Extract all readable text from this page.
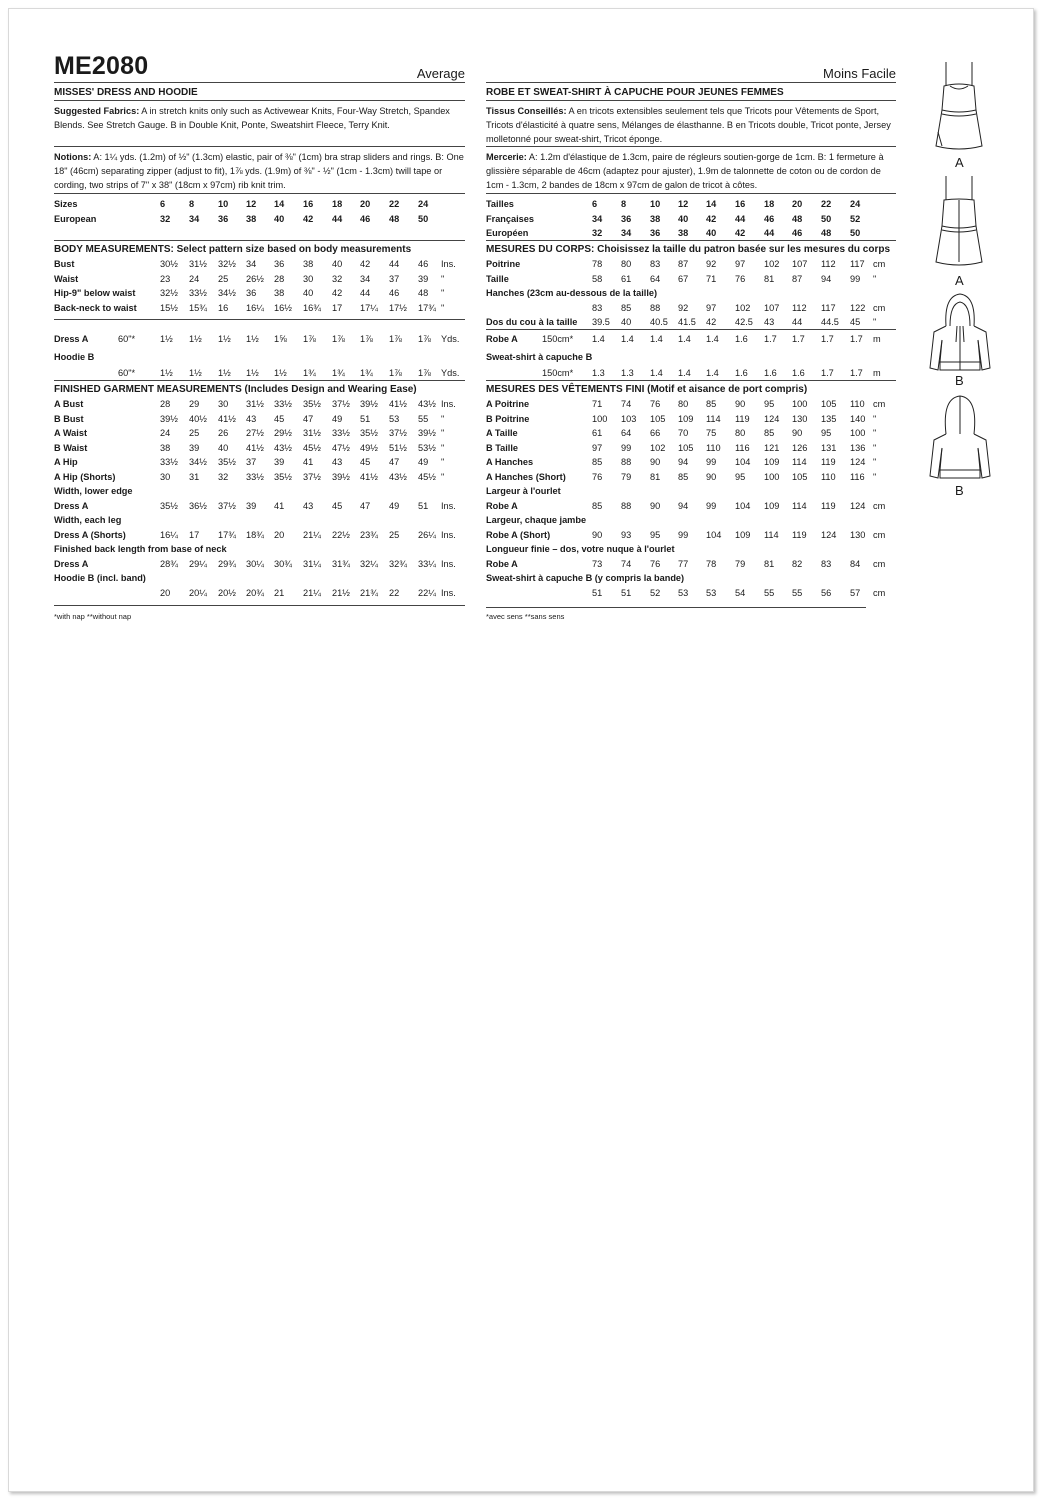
ME2080	Average	Moins Facile
MISSES' DRESS AND HOODIE
Suggested Fabrics: A in stretch knits only such as Activewear Knits, Four-Way Stretch, Spandex Blends. See Stretch Gauge. B in Double Knit, Ponte, Sweatshirt Fleece, Terry Knit.
Notions: A: 1¼ yds. (1.2m) of ½" (1.3cm) elastic, pair of ⅜" (1cm) bra strap sliders and rings. B: One 18" (46cm) separating zipper (adjust to fit), 1⅞ yds. (1.9m) of ⅜" - ½" (1cm - 1.3cm) twill tape or cording, two strips of 7" x 38" (18cm x 97cm) rib knit trim.
Sizes	6	8	10	12	14	16	18	20	22	24
European	32	34	36	38	40	42	44	46	48	50
BODY MEASUREMENTS: Select pattern size based on body measurements
Bust	30½	31½	32½	34	36	38	40	42	44	46	Ins.
Waist	23	24	25	26½	28	30	32	34	37	39	"
Hip-9" below waist	32½	33½	34½	36	38	40	42	44	46	48	"
Back-neck to waist	15½	15¾	16	16¼	16½	16¾	17	17¼	17½	17¾ "
Dress A	60"*	1½	1½	1½	1½	1⅝	1⅞	1⅞	1⅞	1⅞	1⅞	Yds.
Hoodie B
60"*	1½	1½	1½	1½	1½	1¾	1¾	1¾	1⅞	1⅞	Yds.
FINISHED GARMENT MEASUREMENTS (Includes Design and Wearing Ease)
A Bust	28	29	30	31½	33½	35½	37½	39½	41½	43½ Ins.
B Bust	39½	40½	41½	43	45	47	49	51	53	55	"
A Waist	24	25	26	27½	29½	31½	33½	35½	37½	39½ "
B Waist	38	39	40	41½	43½	45½	47½	49½	51½	53½ "
A Hip	33½	34½	35½	37	39	41	43	45	47	49	"
A Hip (Shorts)	30	31	32	33½	35½	37½	39½	41½	43½	45½ "
Width, lower edge
Dress A	35½	36½	37½	39	41	43	45	47	49	51	Ins.
Width, each leg
Dress A (Shorts)	16¼	17	17¾	18¾	20	21¼	22½	23¾	25	26¼ Ins.
Finished back length from base of neck
Dress A	28¾	29¼	29¾	30¼	30¾	31¼	31¾	32¼	32¾	33¼ Ins.
Hoodie B (incl. band)
20	20¼	20½	20¾	21	21¼	21½	21¾	22	22¼ Ins.
*with nap **without nap
ROBE ET SWEAT-SHIRT À CAPUCHE POUR JEUNES FEMMES
Tissus Conseillés: A en tricots extensibles seulement tels que Tricots pour Vêtements de Sport, Tricots d'élasticité à quatre sens, Mélanges de élasthanne. B en Tricots double, Tricot ponte, Jersey molletonné pour sweat-shirt, Tricot éponge.
Mercerie: A: 1.2m d'élastique de 1.3cm, paire de régleurs soutien-gorge de 1cm. B: 1 fermeture à glissière séparable de 46cm (adaptez pour ajuster), 1.9m de talonnette de coton ou de cordon de 1cm - 1.3cm, 2 bandes de 18cm x 97cm de galon de tricot à côtes.
Tailles	6	8	10	12	14	16	18	20	22	24
Françaises	34	36	38	40	42	44	46	48	50	52
Européen	32	34	36	38	40	42	44	46	48	50
MESURES DU CORPS: Choisissez la taille du patron basée sur les mesures du corps
Poitrine	78	80	83	87	92	97	102	107	112	117 cm
Taille	58	61	64	67	71	76	81	87	94	99	"
Hanches (23cm au-dessous de la taille)
83	85	88	92	97	102	107	112	117	122 cm
Dos du cou à la taille 39.5	40	40.5	41.5	42	42.5	43	44	44.5	45	"
Robe A	150cm* 1.4	1.4	1.4	1.4	1.4	1.6	1.7	1.7	1.7	1.7	m
Sweat-shirt à capuche B
150cm* 1.3	1.3	1.4	1.4	1.4	1.6	1.6	1.6	1.7	1.7	m
MESURES DES VÊTEMENTS FINI (Motif et aisance de port compris)
A Poitrine	71	74	76	80	85	90	95	100	105	110 cm
B Poitrine	100	103	105	109	114	119	124	130	135	140 "
A Taille	61	64	66	70	75	80	85	90	95	100 "
B Taille	97	99	102	105	110	116	121	126	131	136 "
A Hanches	85	88	90	94	99	104	109	114	119	124 "
A Hanches (Short)	76	79	81	85	90	95	100	105	110	116 "
Largeur à l'ourlet
Robe A	85	88	90	94	99	104	109	114	119	124 cm
Largeur, chaque jambe
Robe A (Short)	90	93	95	99	104	109	114	119	124	130 cm
Longueur finie – dos, votre nuque à l'ourlet
Robe A	73	74	76	77	78	79	81	82	83	84	cm
Sweat-shirt à capuche B (y compris la bande)
51	51	52	53	53	54	55	55	56	57	cm
*avec sens **sans sens
A
A
B
B
